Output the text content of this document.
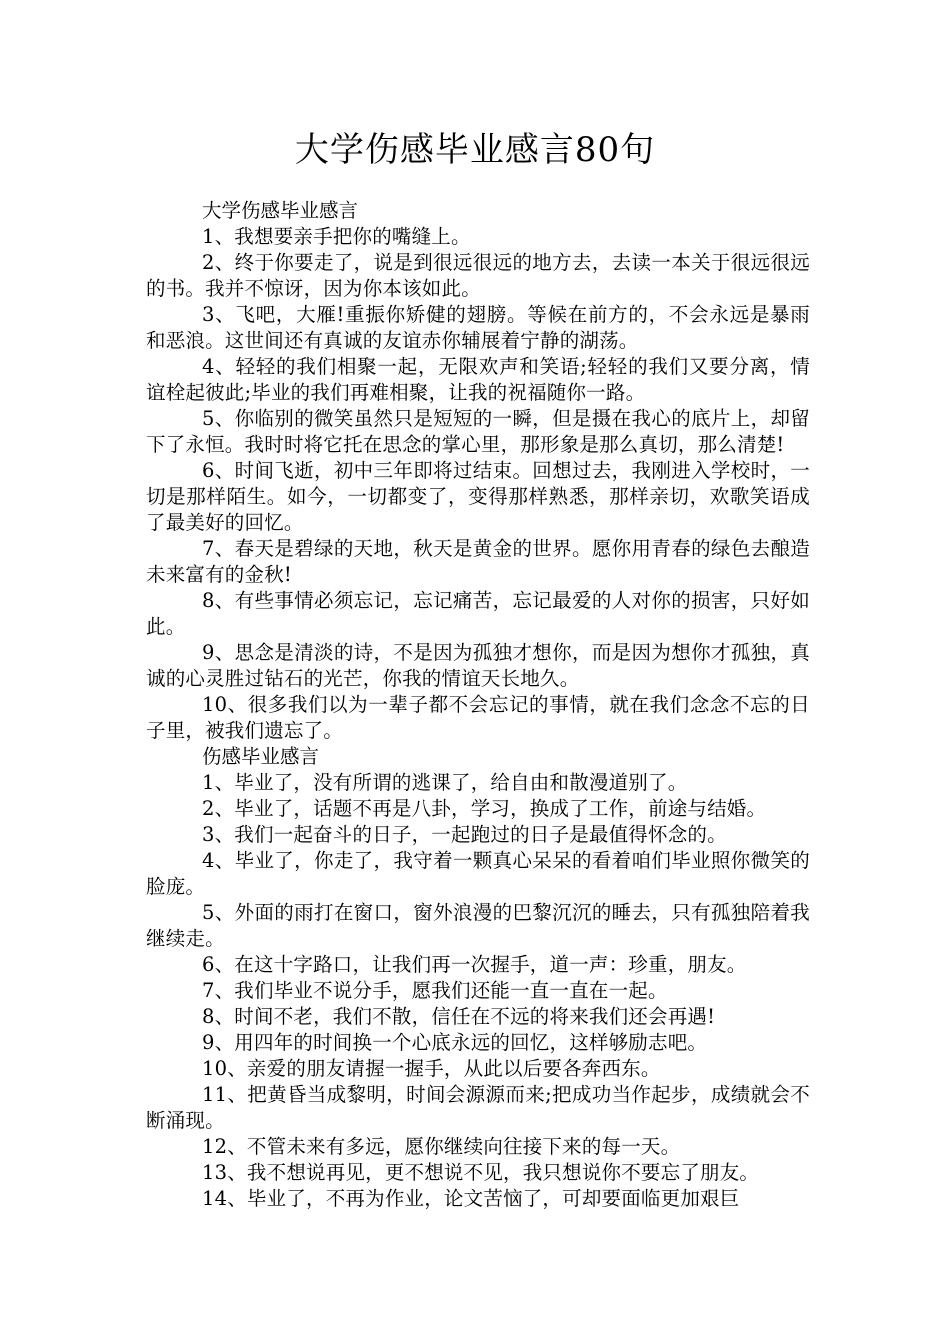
大学伤感毕业感言80句

大学伤感毕业感言

1、我想要亲手把你的嘴缝上。

2、终于你要走了，说是到很远很远的地方去，去读一本关于很远很远的书。我并不惊讶，因为你本该如此。

3、飞吧，大雁!重振你矫健的翅膀。等候在前方的，不会永远是暴雨和恶浪。这世间还有真诚的友谊赤你辅展着宁静的湖荡。

4、轻轻的我们相聚一起，无限欢声和笑语;轻轻的我们又要分离，情谊栓起彼此;毕业的我们再难相聚，让我的祝福随你一路。

5、你临别的微笑虽然只是短短的一瞬，但是摄在我心的底片上，却留下了永恒。我时时将它托在思念的掌心里，那形象是那么真切，那么清楚!

6、时间飞逝，初中三年即将过结束。回想过去，我刚进入学校时，一切是那样陌生。如今，一切都变了，变得那样熟悉，那样亲切，欢歌笑语成了最美好的回忆。

7、春天是碧绿的天地，秋天是黄金的世界。愿你用青春的绿色去酿造未来富有的金秋!

8、有些事情必须忘记，忘记痛苦，忘记最爱的人对你的损害，只好如此。

9、思念是清淡的诗，不是因为孤独才想你，而是因为想你才孤独，真诚的心灵胜过钻石的光芒，你我的情谊天长地久。

10、很多我们以为一辈子都不会忘记的事情，就在我们念念不忘的日子里，被我们遗忘了。

伤感毕业感言

1、毕业了，没有所谓的逃课了，给自由和散漫道别了。

2、毕业了，话题不再是八卦，学习，换成了工作，前途与结婚。

3、我们一起奋斗的日子，一起跑过的日子是最值得怀念的。

4、毕业了，你走了，我守着一颗真心呆呆的看着咱们毕业照你微笑的脸庞。

5、外面的雨打在窗口，窗外浪漫的巴黎沉沉的睡去，只有孤独陪着我继续走。

6、在这十字路口，让我们再一次握手，道一声：珍重，朋友。

7、我们毕业不说分手，愿我们还能一直一直在一起。

8、时间不老，我们不散，信任在不远的将来我们还会再遇!

9、用四年的时间换一个心底永远的回忆，这样够励志吧。

10、亲爱的朋友请握一握手，从此以后要各奔西东。

11、把黄昏当成黎明，时间会源源而来;把成功当作起步，成绩就会不断涌现。

12、不管未来有多远，愿你继续向往接下来的每一天。

13、我不想说再见，更不想说不见，我只想说你不要忘了朋友。

14、毕业了，不再为作业，论文苦恼了，可却要面临更加艰巨
